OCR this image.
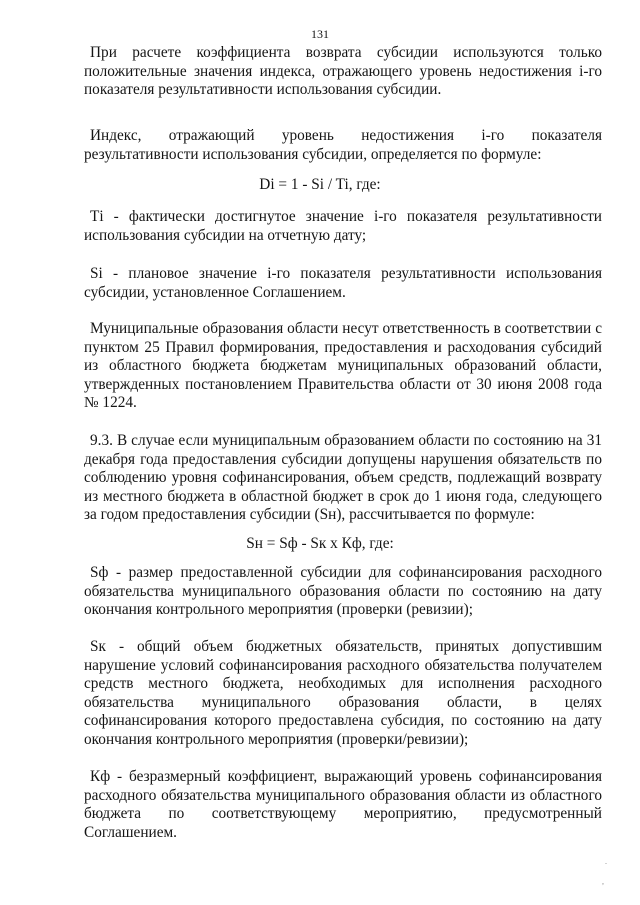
131

При расчете коэффициента возврата субсидии используются только положительные значения индекса, отражающего уровень недостижения i-го показателя результативности использования субсидии.

Индекс, отражающий уровень недостижения i-го показателя результативности использования субсидии, определяется по формуле:

Di = 1 - Si / Ti, где:

Тi - фактически достигнутое значение i-го показателя результативности использования субсидии на отчетную дату;

Si - плановое значение i-го показателя результативности использования субсидии, установленное Соглашением.

Муниципальные образования области несут ответственность в соответствии с пунктом 25 Правил формирования, предоставления и расходования субсидий из областного бюджета бюджетам муниципальных образований области, утвержденных постановлением Правительства области от 30 июня 2008 года № 1224.

9.3. В случае если муниципальным образованием области по состоянию на 31 декабря года предоставления субсидии допущены нарушения обязательств по соблюдению уровня софинансирования, объем средств, подлежащий возврату из местного бюджета в областной бюджет в срок до 1 июня года, следующего за годом предоставления субсидии (Sн), рассчитывается по формуле:

Sн = Sф - Sк x Кф, где:

Sф - размер предоставленной субсидии для софинансирования расходного обязательства муниципального образования области по состоянию на дату окончания контрольного мероприятия (проверки (ревизии);

Sк - общий объем бюджетных обязательств, принятых допустившим нарушение условий софинансирования расходного обязательства получателем средств местного бюджета, необходимых для исполнения расходного обязательства муниципального образования области, в целях софинансирования которого предоставлена субсидия, по состоянию на дату окончания контрольного мероприятия (проверки/ревизии);

Кф - безразмерный коэффициент, выражающий уровень софинансирования расходного обязательства муниципального образования области из областного бюджета по соответствующему мероприятию, предусмотренный Соглашением.

.
,
